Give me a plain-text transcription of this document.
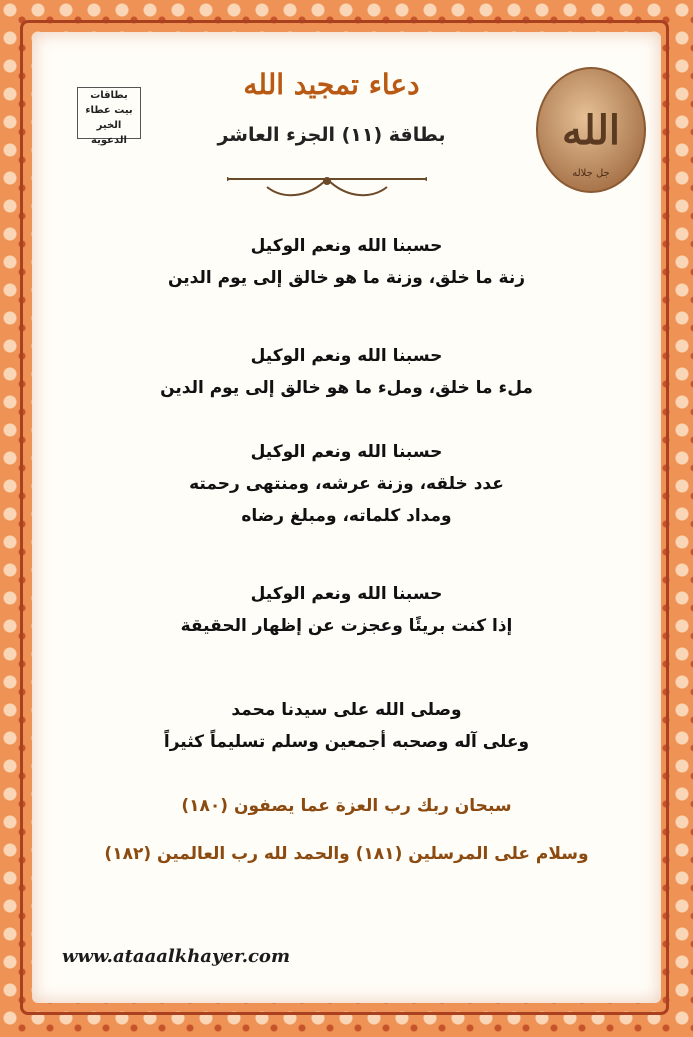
بطاقات
بيت عطاء الخير
الدعوية
دعاء تمجيد الله
بطاقة (١١) الجزء العاشر	الله
جل جلاله
حسبنا الله ونعم الوكيل
زنة ما خلق، وزنة ما هو خالق إلى يوم الدين
حسبنا الله ونعم الوكيل
ملء ما خلق، وملء ما هو خالق إلى يوم الدين
حسبنا الله ونعم الوكيل
عدد خلقه، وزنة عرشه، ومنتهى رحمته
ومداد كلماته، ومبلغ رضاه
حسبنا الله ونعم الوكيل
إذا كنت بريئًا وعجزت عن إظهار الحقيقة
وصلى الله على سيدنا محمد
وعلى آله وصحبه أجمعين وسلم تسليماً كثيراً
سبحان ربك رب العزة عما يصفون (١٨٠)
وسلام على المرسلين (١٨١) والحمد لله رب العالمين (١٨٢)
www.ataaalkhayer.com
